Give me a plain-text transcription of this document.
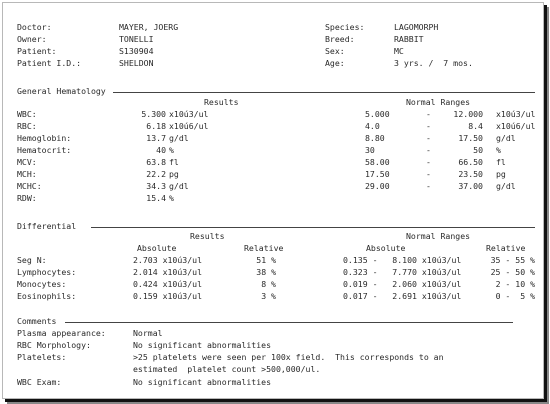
Doctor:	MAYER, JOERG
Owner:	TONELLI
Patient:	S130904
Patient I.D.:	SHELDON
Species:	LAGOMORPH
Breed:	RABBIT
Sex:	MC
Age:	3 yrs. /  7 mos.
General Hematology
Results	Normal Ranges
WBC:	5.300 x10ú3/ul	5.000	-	12.000 x10ú3/ul
RBC:	6.18 x10ú6/ul	4.0	-	8.4 x10ú6/ul
Hemoglobin:	13.7 g/dl	8.80	-	17.50 g/dl
Hematocrit:	40 %	30	-	50 %
MCV:	63.8 fl	58.00	-	66.50 fl
MCH:	22.2 pg	17.50	-	23.50 pg
MCHC:	34.3 g/dl	29.00	-	37.00 g/dl
RDW:	15.4 %
Differential
Results	Normal Ranges
Absolute	Relative	Absolute	Relative
Seg N:	2.703 x10ú3/ul	51 %	0.135 -   8.100 x10ú3/ul	35 - 55 %
Lymphocytes:	2.014 x10ú3/ul	38 %	0.323 -   7.770 x10ú3/ul	25 - 50 %
Monocytes:	0.424 x10ú3/ul	8 %	0.019 -   2.060 x10ú3/ul	2 - 10 %
Eosinophils:	0.159 x10ú3/ul	3 %	0.017 -   2.691 x10ú3/ul	0 -  5 %
Comments
Plasma appearance:	Normal
RBC Morphology:	No significant abnormalities
Platelets:	>25 platelets were seen per 100x field.  This corresponds to an
estimated  platelet count >500,000/ul.
WBC Exam:	No significant abnormalities
